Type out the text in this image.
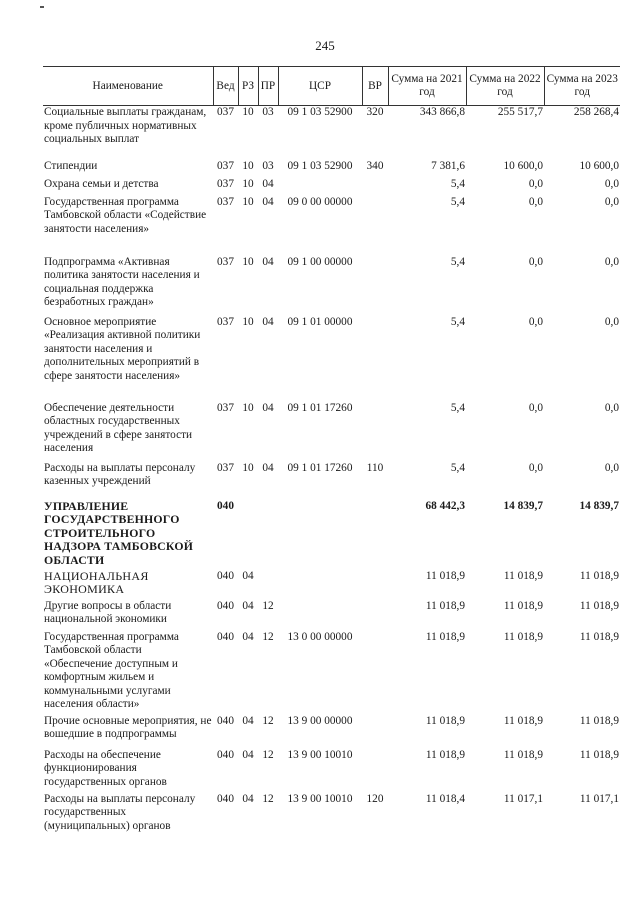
245
Наименование	Вед	РЗ	ПР	ЦСР	ВР	Сумма на 2021 год	Сумма на 2022 год	Сумма на 2023 год
Социальные выплаты гражданам, кроме публичных нормативных социальных выплат	037	10	03	09 1 03 52900	320	343 866,8	255 517,7	258 268,4
Стипендии	037	10	03	09 1 03 52900	340	7 381,6	10 600,0	10 600,0
Охрана семьи и детства	037	10	04			5,4	0,0	0,0
Государственная программа Тамбовской области «Содействие занятости населения»	037	10	04	09 0 00 00000		5,4	0,0	0,0
Подпрограмма «Активная политика занятости населения и социальная поддержка безработных граждан»	037	10	04	09 1 00 00000		5,4	0,0	0,0
Основное мероприятие «Реализация активной политики занятости населения и дополнительных мероприятий в сфере занятости населения»	037	10	04	09 1 01 00000		5,4	0,0	0,0
Обеспечение деятельности областных государственных учреждений в сфере занятости населения	037	10	04	09 1 01 17260		5,4	0,0	0,0
Расходы на выплаты персоналу казенных учреждений	037	10	04	09 1 01 17260	110	5,4	0,0	0,0
УПРАВЛЕНИЕ ГОСУДАРСТВЕННОГО СТРОИТЕЛЬНОГО НАДЗОРА ТАМБОВСКОЙ ОБЛАСТИ	040					68 442,3	14 839,7	14 839,7
НАЦИОНАЛЬНАЯ ЭКОНОМИКА	040	04				11 018,9	11 018,9	11 018,9
Другие вопросы в области национальной экономики	040	04	12			11 018,9	11 018,9	11 018,9
Государственная программа Тамбовской области «Обеспечение доступным и комфортным жильем и коммунальными услугами населения области»	040	04	12	13 0 00 00000		11 018,9	11 018,9	11 018,9
Прочие основные мероприятия, не вошедшие в подпрограммы	040	04	12	13 9 00 00000		11 018,9	11 018,9	11 018,9
Расходы на обеспечение функционирования государственных органов	040	04	12	13 9 00 10010		11 018,9	11 018,9	11 018,9
Расходы на выплаты персоналу государственных (муниципальных) органов	040	04	12	13 9 00 10010	120	11 018,4	11 017,1	11 017,1
